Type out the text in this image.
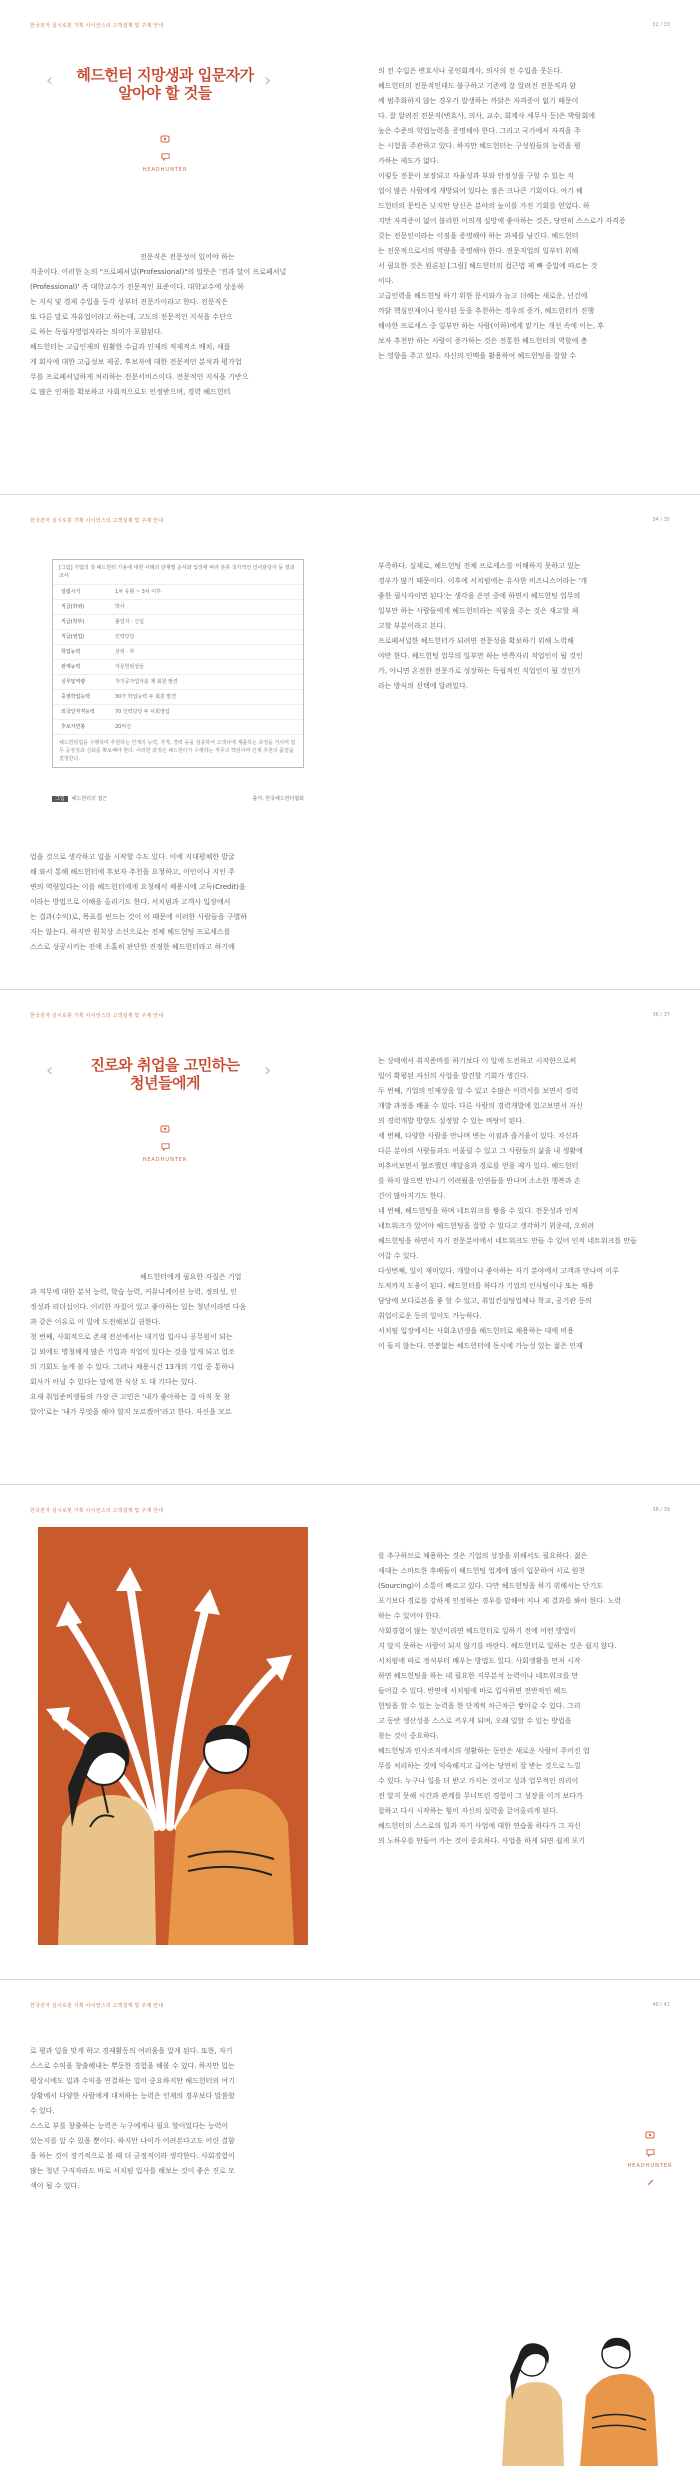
한국전자 실시로봇 기획 사이언스의 고객설계 및 주제 안내	32 / 33
‹	›
헤드헌터 지망생과 입문자가
알아야 할 것들
HEADHUNTER
전문직은 전문성이 있어야 하는
직종이다. 이러한 논의 "프로페셔널(Professional)"의 말뜻은 '전과 달이 프로페셔널
(Professional)' 즉 대학교수가 전문적인 표준이다. 대학교수에 상응하
는 지식 및 경제 수입을 등각 상부터 전문가이라고 한다. 전문직은
또 다른 말로 자유업이라고 하는데, 고도의 전문적인 지식을 수단으
로 하는 독립자영업자라는 의미가 포함된다.
헤드헌터는 고급인재의 원활한 수급과 인재의 적재적소 배치, 새롭
게 회사에 대한 고급성보 제공, 후보자에 대한 전문적인 분석과 평가업
무를 프로페셔널하게 처리하는 전문서비스이다. 전문적인 지식을 기반으
로 많은 인재를 확보하고 사회적으로도 인정받으며, 경력 헤드헌터
의 전 수입은 변호사나 공인회계사, 의사의 전 수입을 웃돈다.
헤드헌터의 전문직인데도 불구하고 기존에 잘 알려진 전문직과 함
께 범주화하지 않는 경우가 발생하는 까닭은 자격증이 없기 때문이
다. 잘 알려진 전문직(변호사, 의사, 교수, 회계사 세무사 등)은 박람회에
높은 수준의 학업능력을 증명해야 한다. 그리고 국가에서 자격을 주
는 시험을 주관하고 있다. 하지만 헤드헌터는 구성원들의 능력을 평
가하는 제도가 없다.
이렇듯 진문이 보장되고 자율성과 부와 안정성을 구할 수 있는 직
업이 많은 사람에게 개방되어 있다는 점은 크나큰 기회이다. 여기 헤
드헌터의 문턱은 낮지만 당신은 분야의 높이를 가진 기회를 얻었다. 하
지만 자격증이 없어 불리한 이의게 실망에 좋아하는 것은, 당연히 스스로가 자격증
갖는 전문인이라는 이점을 증명해야 하는 과제를 남긴다. 헤드헌터
는 전문적으로서의 역량을 증명해야 한다. 전문직업의 일부터 위해
서 필요한 것은 원론된 [그림] 헤드헌터의 접근법 제 빠 중입에 따르는 것
이다.
고급인력을 헤드헌팅 하기 위한 문서와가 높고 더해는 새로운, 넌건에
까닭 핵심인재이나 원사된 등을 추천하는 경우의 증가, 헤드헌터가 진행
해야한 프로세스 중 일부만 하는 사람(이하)에게 맡기는 개선 속에 이는, 후
보자 추천만 하는 사람이 증가하는 것은 전통한 헤드헌터의 역할에 충
는 영향을 주고 있다. 자신의 인맥을 활용하여 헤드헌팅을 잘할 수
한국전자 실시로봇 기획 사이언스의 고객설계 및 주제 안내	34 / 35
[그림] 기업의 첫 헤드헌터 기용에 대한 사례의 단계별 순서와 입장에 따라 분류 국가적인 인사담당자 등 결과 조사
설립시기	1차 유형 ~ 3차 이후
직급(학위)	박사
직급(학부)	졸업자 · 신입
직급(영업)	인력당당
학업능력	상위 · 하
관계능력	자문헌팅상들
실무및역량	자기공자업자를 제 회원 발견
중점학업능력	30가 학업능력 두 회원 발견
외국인자격능력	70 인력당당 두 사회영업
후보자연봉	20억건
헤드헌팅업을 수행하며 추천하는 인재의 능력, 자격, 경력 등을 검증하여 고객사에 제출하는 과정을 거치며 업무 공정성과 신뢰를 확보해야 한다. 이러한 과정은 헤드헌터가 수행하는 직무의 핵심이며 인재 추천의 품질을 결정한다.
그림 헤드헌터의 접근	출처: 한국헤드헌터협회
업을 것으로 생각하고 일을 시작할 수도 있다. 이에 지대평체한 발굴
해 와서 통해 헤드헌터에 후보자 추천을 요청하고, 이인이나 지인 주
변의 역량있다는 이를 헤드헌터에게 요청해서 채용시에 고득(Credit)을
이라는 방법으로 이해을 올리기도 한다. 서치펌과 고객사 입장에서
는 결과(수익)로, 목표를 빈드는 것이 이 때문에 이러한 사람들을 구별하
지는 않는다. 하지만 원칙상 소신으로는 전체 헤드헌팅 프로세스를
스스로 성공시키는 전에 소홀히 판단한 진정한 헤드헌터라고 하기에
부족하다. 실제로, 헤드헌팅 전체 프로세스를 이해하지 못하고 있는
경우가 많기 때문이다. 이후에 서치펌에는 유사한 비즈니스이라는 '개
좋한 필사자이면 된다'는 생각을 은연 중에 하면서 헤드헌팅 업무의
일부만 하는 사람들에게 헤드헌터라는 직함을 주는 것은 재고할 제
고할 부분이라고 본다.
프로페셔널한 헤드헌터가 되려면 전문성을 확보하기 위해 노력해
야만 한다. 헤드헌팅 업무의 일부만 하는 반쪽자리 직업인이 될 것인
가, 아니면 온전한 전문가로 성장하는 독립적인 직업인이 될 것인가
라는 방식의 선택에 달려있다.
한국전자 실시로봇 기획 사이언스의 고객설계 및 주제 안내	36 / 37
‹	›
진로와 취업을 고민하는
청년들에게
HEADHUNTER
헤드헌터에게 필요한 자질은 기업
과 직무에 대한 분석 능력, 학습 능력, 커뮤니케이션 능력, 정의성, 인
정성과 리더십이다. 이러한 자질이 있고 좋아하는 일는 청년이라면 다음
과 같은 이유로 이 일에 도전해보길 권한다.
첫 번째, 사회적으로 존재 전선에서는 대기업 입사나 공무원이 되는
길 외에도 명청해게 많은 기업과 직업이 있다는 것을 알게 되고 업조
의 기회도 높게 볼 수 있다. 그러나 채용시건 13개의 기업 중 통하나
회사가 아닐 수 있다는 말에 한 식상 도 대 기다는 있다.
요새 취업준비생들의 가장 큰 고민은 '내가 좋아하는 걸 아직 못 찾
았어'로는 '내가 무엇을 해야 할지 모르겠어'라고 한다. 자신을 모르
는 상태에서 취직준비를 하기보다 이 일에 도전하고 시작한으로써
일이 확평된 자신의 사업을 발견할 기회가 생긴다.
두 번째, 기업의 인재상을 알 수 있고 수많은 이력서를 보면서 경력
개발 과정을 배울 수 있다. 다른 사람의 경력개발에 있고보면서 자신
의 경력개발 방향도 설정할 수 있는 바탕이 된다.
세 번째, 다양한 사람을 만나며 변는 이점과 즐거움이 있다. 자신과
다른 분야의 사람들과도 어울릴 수 있고 그 사람들의 삶을 내 생활에
비추어보면서 협조했던 깨달음과 경로를 얻을 제가 있다. 헤드헌터
를 하지 않으면 만나기 어려웠을 인연들을 만나며 소소한 행복과 손
간이 많아지기도 한다.
네 번째, 헤드헌팅을 하며 네트워크를 쌓을 수 있다. 전문성과 인적
네트워크가 있어야 헤드헌팅을 잘할 수 있다고 생각하기 위운데, 오히려
헤드헌팅을 하면서 자기 전문분야에서 네트워크도 만들 수 있어 인적 네트워크를 만들
어갈 수 있다.
다섯번째, 일이 재미있다. 개발이나 좋아하는 자기 분야에서 고객과 만나며 이루
도적까지 도움이 된다. 헤드헌터를 하다가 기업의 인사팀이나 또는 채용
담당에 보다로본을 좋 할 수 있고, 취업컨설팅업체나 학교, 공기관 등의
취업이로운 등의 일이도 가능하다.
서치펌 입장에서는 사회초년생을 헤드헌터로 채용하는 데에 비용
이 들지 않는다. 연봉없는 헤드헌터에 동시에 가능성 있는 젊은 인재
한국전자 실시로봇 기획 사이언스의 고객설계 및 주제 안내	38 / 39
를 추구하므로 채용하는 것은 기업의 성장을 위해서도 필요하다. 젊은
세대는 스마트한 후배들이 헤드헌팅 업계에 많이 입문하여 서로 원천
(Sourcing)이 소통이 빠르고 있다. 다만 헤드헌팅을 하기 위해서는 단기도
포기보다 경로를 강하게 인정하는 경우를 말해야 지나 제 결과를 봐야 한다. 노력
하는 수 있어야 한다.
사회경험이 많는 청년이라면 헤드헌터로 일하기 전에 어떤 방법이
지 알지 못하는 사람이 되지 않기를 바란다. 헤드헌터로 일하는 것은 쉽지 않다.
서치펌에 따로 정석부터 배우는 방법도 있다. 사회생활을 먼저 시작
하면 헤드헌팅을 하는 데 필요한 지무분석 능력이나 네트워크를 만
들어갈 수 있다. 반면에 서치펌에 바로 입사하면 전반적인 헤드
헌팅을 할 수 있는 능력을 한 단계씩 차근차근 쌓아갈 수 있다. 그리
고 동반 생산성을 스스로 키우게 되며, 오래 일할 수 있는 방법을
찾는 것이 중요하다.
헤드헌팅과 인사조직에서의 생활하는 동안은 새로운 사람이 주어진 업
무를 처리하는 것에 익숙해지고 급여는 당연히 잘 받는 것으로 느낄
수 있다. 누구나 일을 더 받고 가지는 것이고 성과 업무적인 의리이
전 알지 못해 시간과 관계를 무너뜨린 경험이 그 성장을 이겨 보다가
잘하고 다시 시작하는 힘이 자신의 실력을 끌어올리게 된다.
헤드헌터의 스스로의 일과 자기 사업에 대한 연습을 하다가 그 자신
의 노하우를 만들어 가는 것이 중요하다. 사업을 하게 되면 쉽게 포기
한국전자 실시로봇 기획 사이언스의 고객설계 및 주제 안내	40 / 41
로 평과 일을 맞게 하고 경제활동의 여러움을 알게 된다. 또한, 자기
스스로 수익을 창출해내는 뿌듯한 경험을 해볼 수 있다. 하지만 입는
평상시에도 일과 수익을 연결하는 일이 중요하지만 헤드헌터의 여기
상황에서 다양한 사람에게 대처하는 능력은 인재의 경우보다 말씀할
수 있다.
스스로 부를 창출하는 능력은 누구에게나 필요 할이었다는 능력이
있는지를 알 수 있을 뿐이다. 하지만 나이가 어려본다고도 어린 결함
을 하는 것이 장기적으로 볼 때 더 긍정적이라 생각한다. 사회경험이
많는 청년 구직자라도 바로 서치펌 입사를 해보는 것이 좋은 진로 모
색이 될 수 있다.
HEADHUNTER
